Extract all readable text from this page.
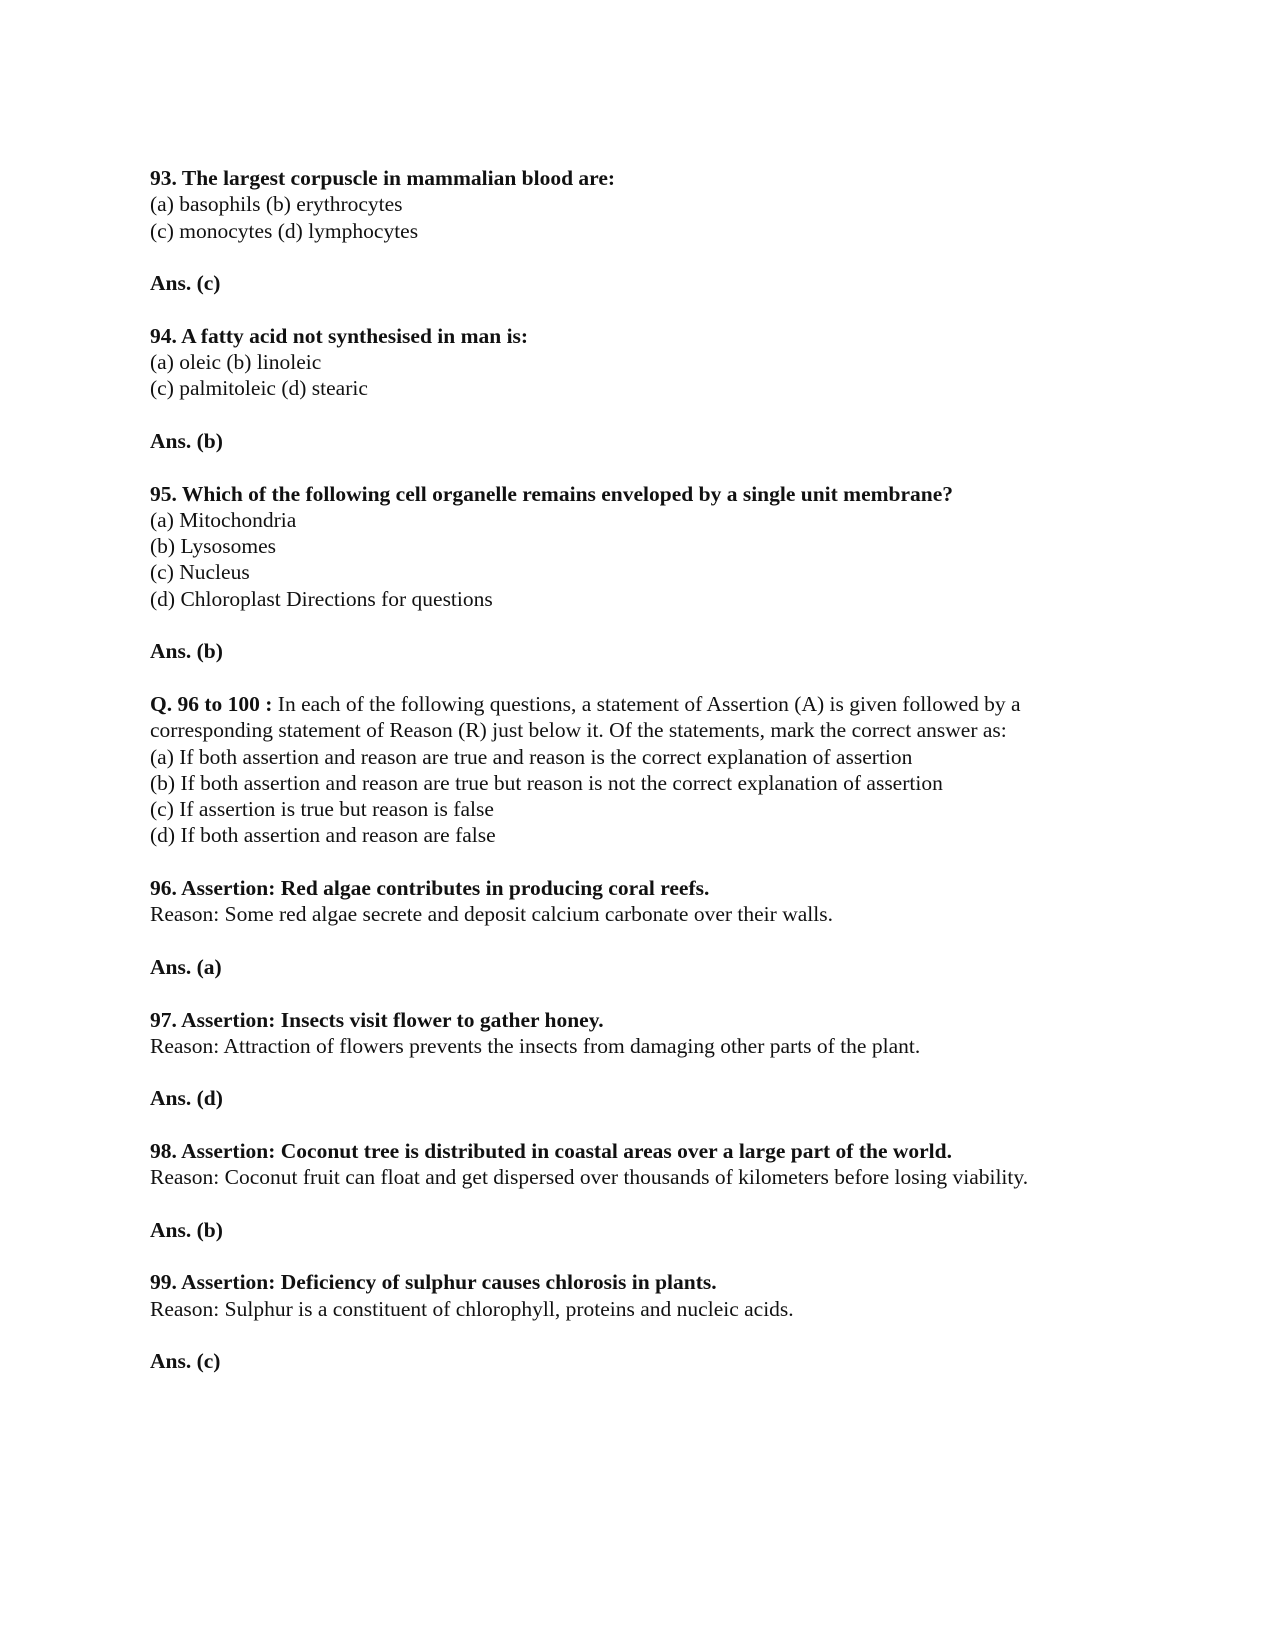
93. The largest corpuscle in mammalian blood are:
(a) basophils (b) erythrocytes
(c) monocytes (d) lymphocytes
Ans. (c)
94. A fatty acid not synthesised in man is:
(a) oleic (b) linoleic
(c) palmitoleic (d) stearic
Ans. (b)
95. Which of the following cell organelle remains enveloped by a single unit membrane?
(a) Mitochondria
(b) Lysosomes
(c) Nucleus
(d) Chloroplast Directions for questions
Ans. (b)
Q. 96 to 100 : In each of the following questions, a statement of Assertion (A) is given followed by a
corresponding statement of Reason (R) just below it. Of the statements, mark the correct answer as:
(a) If both assertion and reason are true and reason is the correct explanation of assertion
(b) If both assertion and reason are true but reason is not the correct explanation of assertion
(c) If assertion is true but reason is false
(d) If both assertion and reason are false
96. Assertion: Red algae contributes in producing coral reefs.
Reason: Some red algae secrete and deposit calcium carbonate over their walls.
Ans. (a)
97. Assertion: Insects visit flower to gather honey.
Reason: Attraction of flowers prevents the insects from damaging other parts of the plant.
Ans. (d)
98. Assertion: Coconut tree is distributed in coastal areas over a large part of the world.
Reason: Coconut fruit can float and get dispersed over thousands of kilometers before losing viability.
Ans. (b)
99. Assertion: Deficiency of sulphur causes chlorosis in plants.
Reason: Sulphur is a constituent of chlorophyll, proteins and nucleic acids.
Ans. (c)
